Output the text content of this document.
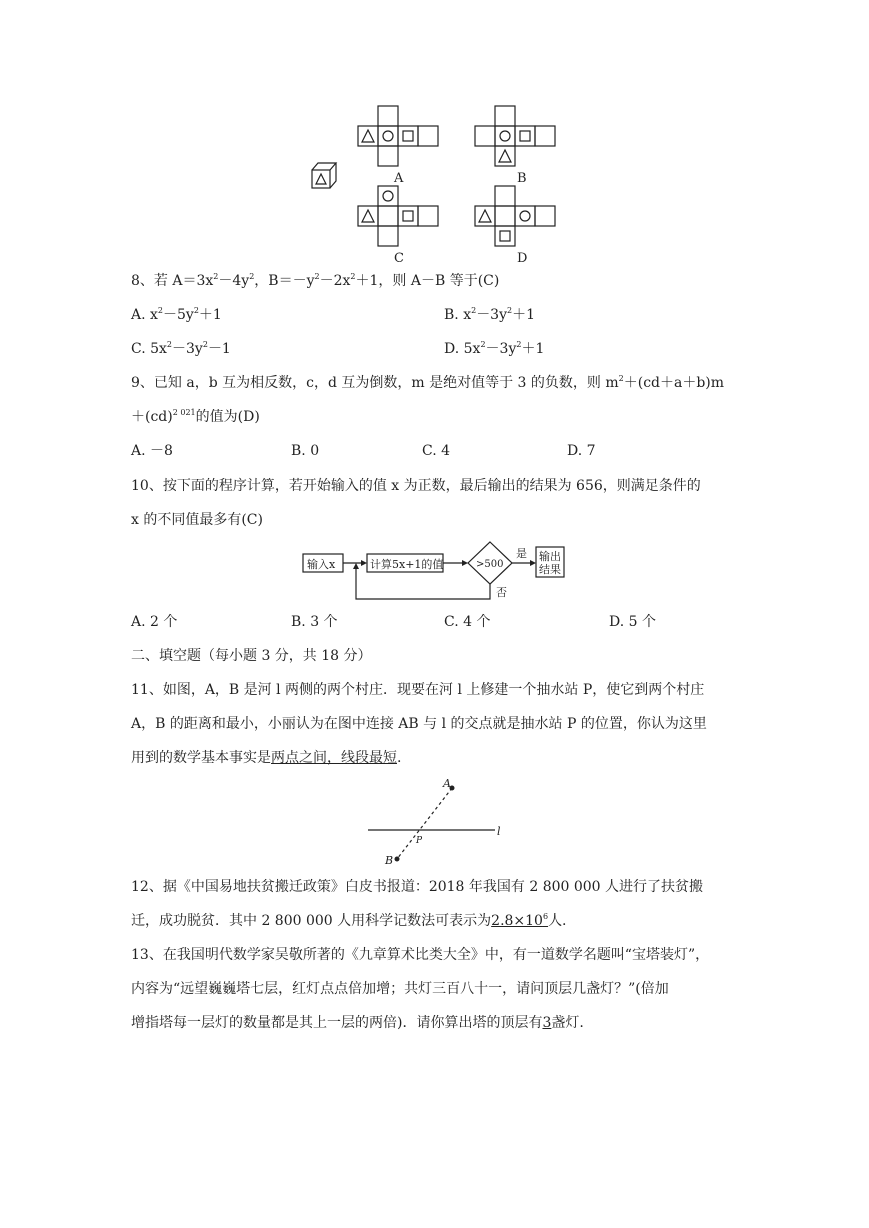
A	B
C	D
8、若 $A=3x^2-4y^2$，$B=-y^2-2x^2+1$，则 A－B 等于(C)
A. $x^2-5y^2+1$	B. $x^2-3y^2+1$
C. $5x^2-3y^2-1$	D. $5x^2-3y^2+1$
9、已知 a，b 互为相反数，c，d 互为倒数，m 是绝对值等于 3 的负数，则 $m^2+(cd+a+b)m$
＋(cd)$^{2 021}$的值为(D)
A. －8	B. 0	C. 4	D. 7
10、按下面的程序计算，若开始输入的值 x 为正数，最后输出的结果为 656，则满足条件的
x 的不同值最多有(C)
输入x	计算5x+1的值	>500
是
否
输出
结果
A. 2 个	B. 3 个	C. 4 个	D. 5 个
二、填空题（每小题 3 分，共 18 分）
11、如图，A，B 是河 l 两侧的两个村庄．现要在河 l 上修建一个抽水站 P，使它到两个村庄
A，B 的距离和最小，小丽认为在图中连接 AB 与 l 的交点就是抽水站 P 的位置，你认为这里
用到的数学基本事实是两点之间，线段最短.
A
B
P
l
12、据《中国易地扶贫搬迁政策》白皮书报道：2018 年我国有 2 800 000 人进行了扶贫搬
迁，成功脱贫．其中 2 800 000 人用科学记数法可表示为$2.8\times 10^6$人.
13、在我国明代数学家吴敬所著的《九章算术比类大全》中，有一道数学名题叫“宝塔装灯”，
内容为“远望巍巍塔七层，红灯点点倍加增；共灯三百八十一，请问顶层几盏灯？”(倍加
增指塔每一层灯的数量都是其上一层的两倍)．请你算出塔的顶层有3盏灯.
